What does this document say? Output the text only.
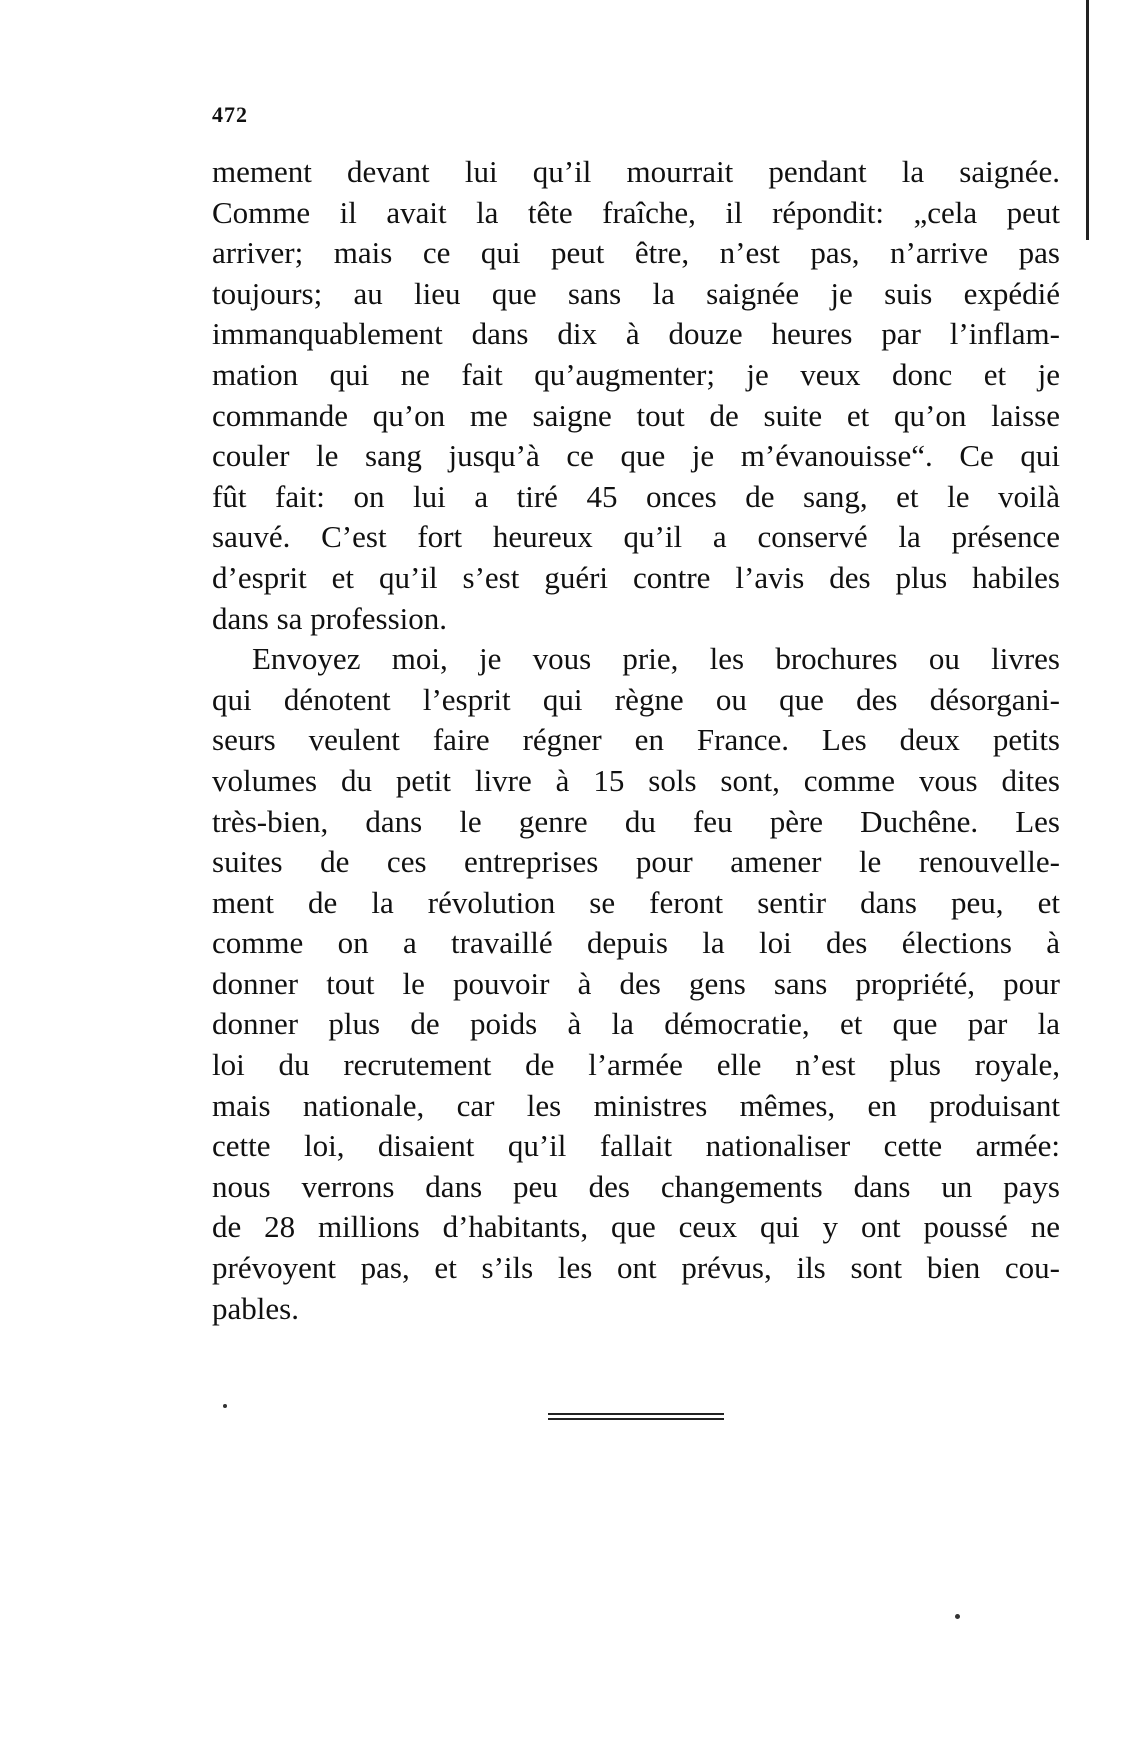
472
mement devant lui qu’il mourrait pendant la saignée.
Comme il avait la tête fraîche, il répondit: „cela peut
arriver; mais ce qui peut être, n’est pas, n’arrive pas
toujours; au lieu que sans la saignée je suis expédié
immanquablement dans dix à douze heures par l’inflam-
mation qui ne fait qu’augmenter; je veux donc et je
commande qu’on me saigne tout de suite et qu’on laisse
couler le sang jusqu’à ce que je m’évanouisse“. Ce qui
fût fait: on lui a tiré 45 onces de sang, et le voilà
sauvé. C’est fort heureux qu’il a conservé la présence
d’esprit et qu’il s’est guéri contre l’avis des plus habiles
dans sa profession.
Envoyez moi, je vous prie, les brochures ou livres
qui dénotent l’esprit qui règne ou que des désorgani-
seurs veulent faire régner en France. Les deux petits
volumes du petit livre à 15 sols sont, comme vous dites
très-bien, dans le genre du feu père Duchêne. Les
suites de ces entreprises pour amener le renouvelle-
ment de la révolution se feront sentir dans peu, et
comme on a travaillé depuis la loi des élections à
donner tout le pouvoir à des gens sans propriété, pour
donner plus de poids à la démocratie, et que par la
loi du recrutement de l’armée elle n’est plus royale,
mais nationale, car les ministres mêmes, en produisant
cette loi, disaient qu’il fallait nationaliser cette armée:
nous verrons dans peu des changements dans un pays
de 28 millions d’habitants, que ceux qui y ont poussé ne
prévoyent pas, et s’ils les ont prévus, ils sont bien cou-
pables.
